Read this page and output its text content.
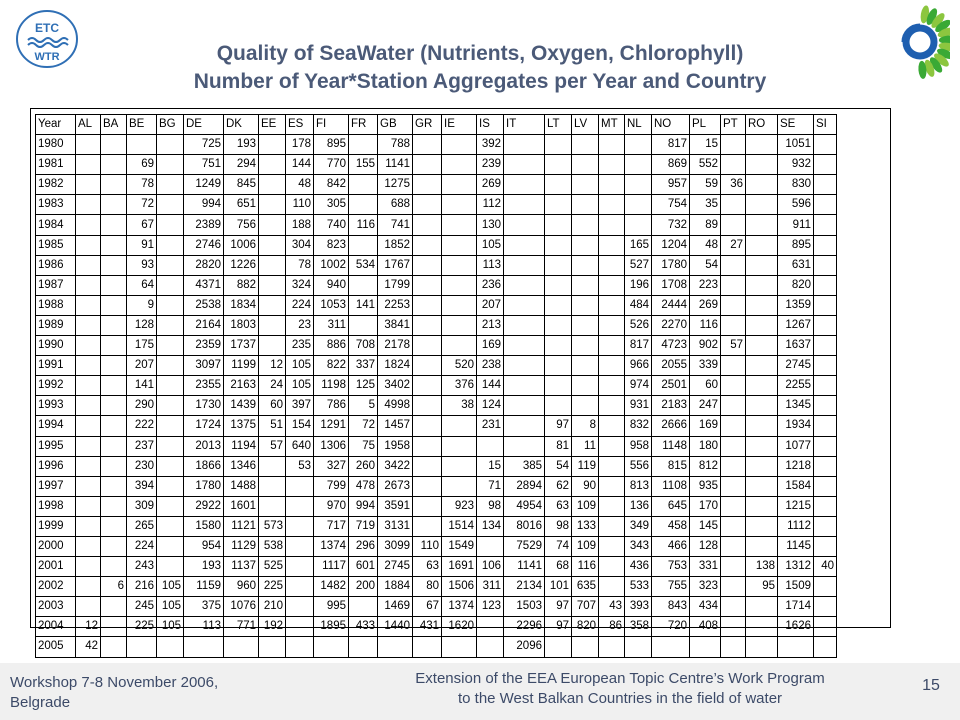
ETC
WTR	Quality of SeaWater (Nutrients, Oxygen, Chlorophyll)
Number of Year*Station Aggregates per Year and Country
Year	AL	BA	BE	BG	DE	DK	EE	ES	FI	FR	GB	GR	IE	IS	IT	LT	LV	MT	NL	NO	PL	PT	RO	SE	SI
1980					725	193		178	895		788			392						817	15			1051	
1981			69		751	294		144	770	155	1141			239						869	552			932	
1982			78		1249	845		48	842		1275			269						957	59	36		830	
1983			72		994	651		110	305		688			112						754	35			596	
1984			67		2389	756		188	740	116	741			130						732	89			911	
1985			91		2746	1006		304	823		1852			105					165	1204	48	27		895	
1986			93		2820	1226		78	1002	534	1767			113					527	1780	54			631	
1987			64		4371	882		324	940		1799			236					196	1708	223			820	
1988			9		2538	1834		224	1053	141	2253			207					484	2444	269			1359	
1989			128		2164	1803		23	311		3841			213					526	2270	116			1267	
1990			175		2359	1737		235	886	708	2178			169					817	4723	902	57		1637	
1991			207		3097	1199	12	105	822	337	1824		520	238					966	2055	339			2745	
1992			141		2355	2163	24	105	1198	125	3402		376	144					974	2501	60			2255	
1993			290		1730	1439	60	397	786	5	4998		38	124					931	2183	247			1345	
1994			222		1724	1375	51	154	1291	72	1457			231		97	8		832	2666	169			1934	
1995			237		2013	1194	57	640	1306	75	1958					81	11		958	1148	180			1077	
1996			230		1866	1346		53	327	260	3422			15	385	54	119		556	815	812			1218	
1997			394		1780	1488			799	478	2673			71	2894	62	90		813	1108	935			1584	
1998			309		2922	1601			970	994	3591		923	98	4954	63	109		136	645	170			1215	
1999			265		1580	1121	573		717	719	3131		1514	134	8016	98	133		349	458	145			1112	
2000			224		954	1129	538		1374	296	3099	110	1549		7529	74	109		343	466	128			1145	
2001			243		193	1137	525		1117	601	2745	63	1691	106	1141	68	116		436	753	331		138	1312	40
2002		6	216	105	1159	960	225		1482	200	1884	80	1506	311	2134	101	635		533	755	323		95	1509	
2003			245	105	375	1076	210		995		1469	67	1374	123	1503	97	707	43	393	843	434			1714	
2004	12		225	105	113	771	192		1895	433	1440	431	1620		2296	97	820	86	358	720	408			1626	
2005	42														2096										
Workshop 7-8 November 2006,
Belgrade
Extension of the EEA European Topic Centre’s Work Program
to the West Balkan Countries in the field of water
15
